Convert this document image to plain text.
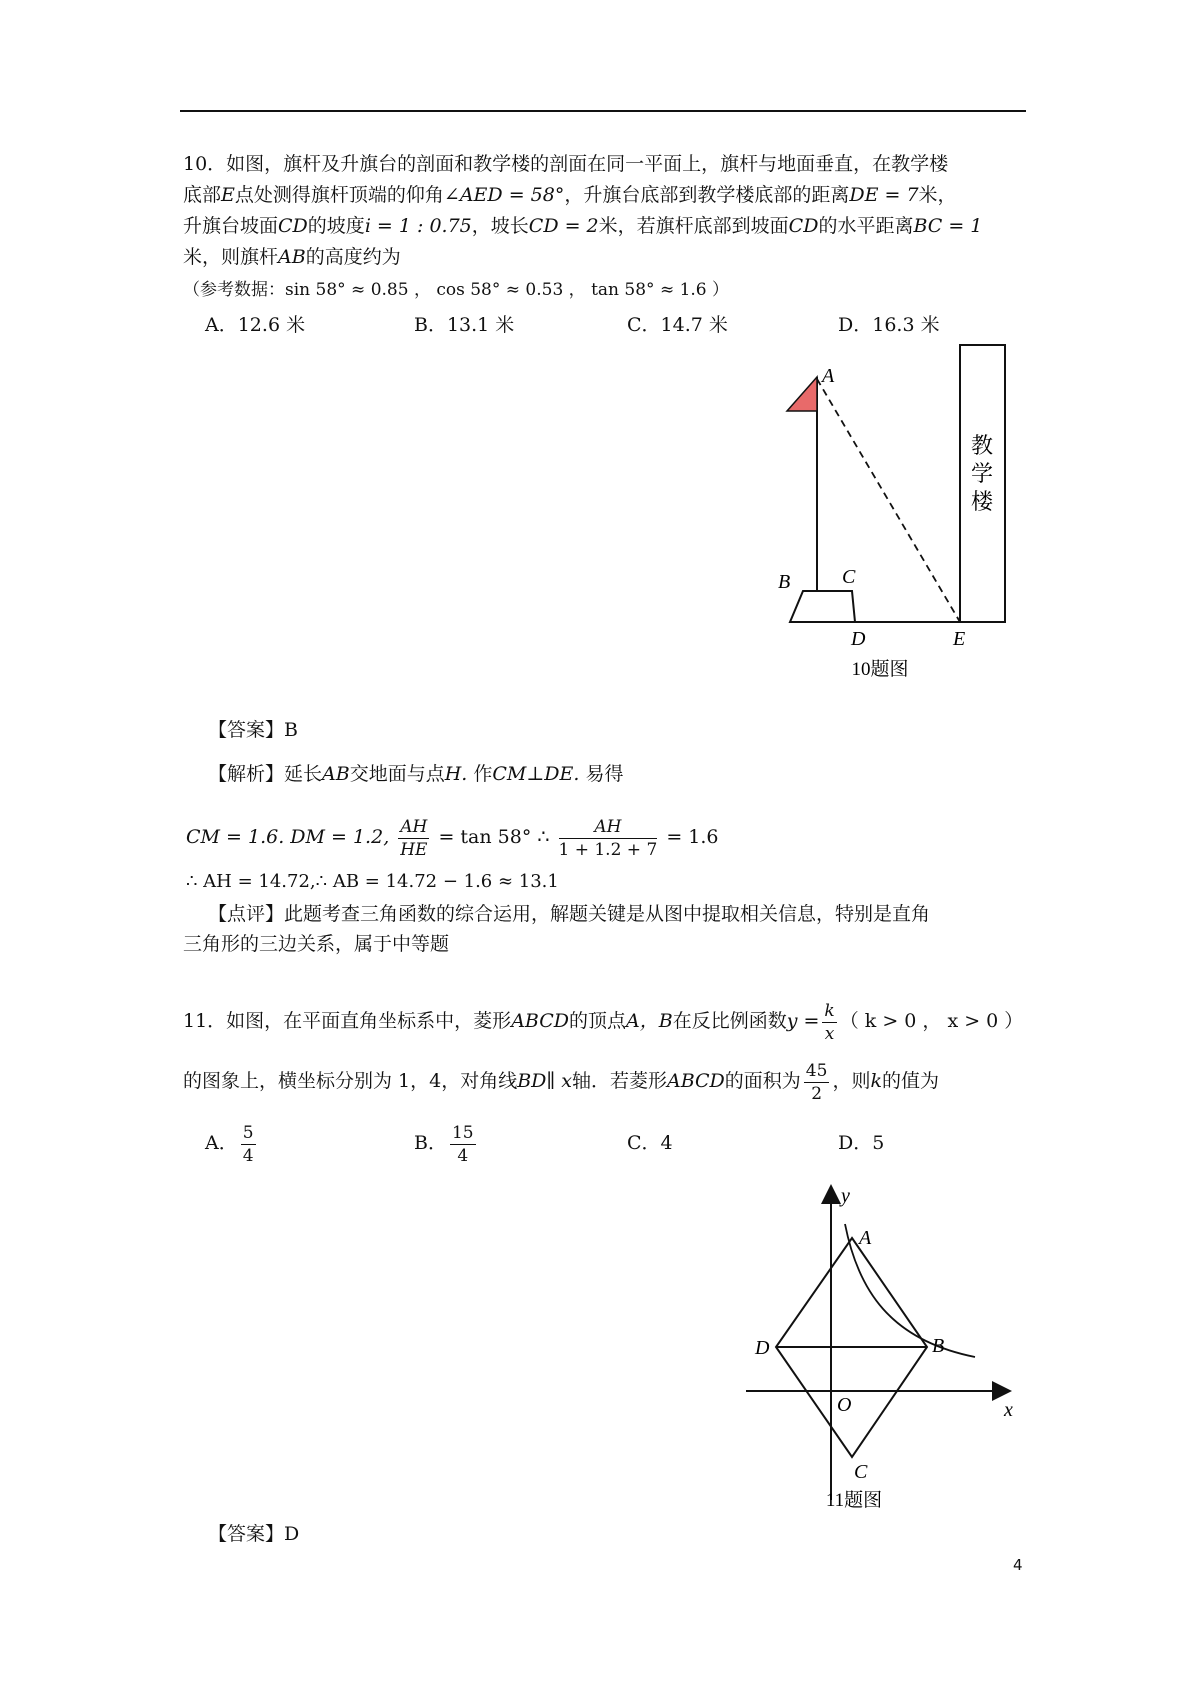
10．如图，旗杆及升旗台的剖面和教学楼的剖面在同一平面上，旗杆与地面垂直，在教学楼
底部E点处测得旗杆顶端的仰角∠AED = 58°，升旗台底部到教学楼底部的距离DE = 7米，
升旗台坡面CD的坡度i = 1 : 0.75，坡长CD = 2米，若旗杆底部到坡面CD的水平距离BC = 1
米，则旗杆AB的高度约为
（参考数据：sin 58° ≈ 0.85 ， cos 58° ≈ 0.53 ， tan 58° ≈ 1.6 ）
A．12.6 米	B．13.1 米	C．14.7 米	D．16.3 米
教
学
楼
A
B	C
D	E
10题图
【答案】B
【解析】延长AB交地面与点H. 作CM⊥DE. 易得
CM = 1.6. DM = 1.2, $\frac{AH}{HE} = \tan 58^\circ$ ∴ $\frac{AH}{1 + 1.2 + 7} = 1.6$
∴ AH = 14.72,∴ AB = 14.72 − 1.6 ≈ 13.1
【点评】此题考查三角函数的综合运用，解题关键是从图中提取相关信息，特别是直角
三角形的三边关系，属于中等题
11．如图，在平面直角坐标系中，菱形ABCD的顶点A，B在反比例函数$y = \frac{k}{x}$ （ k > 0 ， x > 0 ）
的图象上，横坐标分别为 1，4，对角线BD∥ x轴．若菱形ABCD的面积为 $\frac{45}{2}$ ，则k的值为
A． $\frac{5}{4}$	B． $\frac{15}{4}$	C．4	D．5
y
A
B
D
O	x
C
11题图
【答案】D
4
